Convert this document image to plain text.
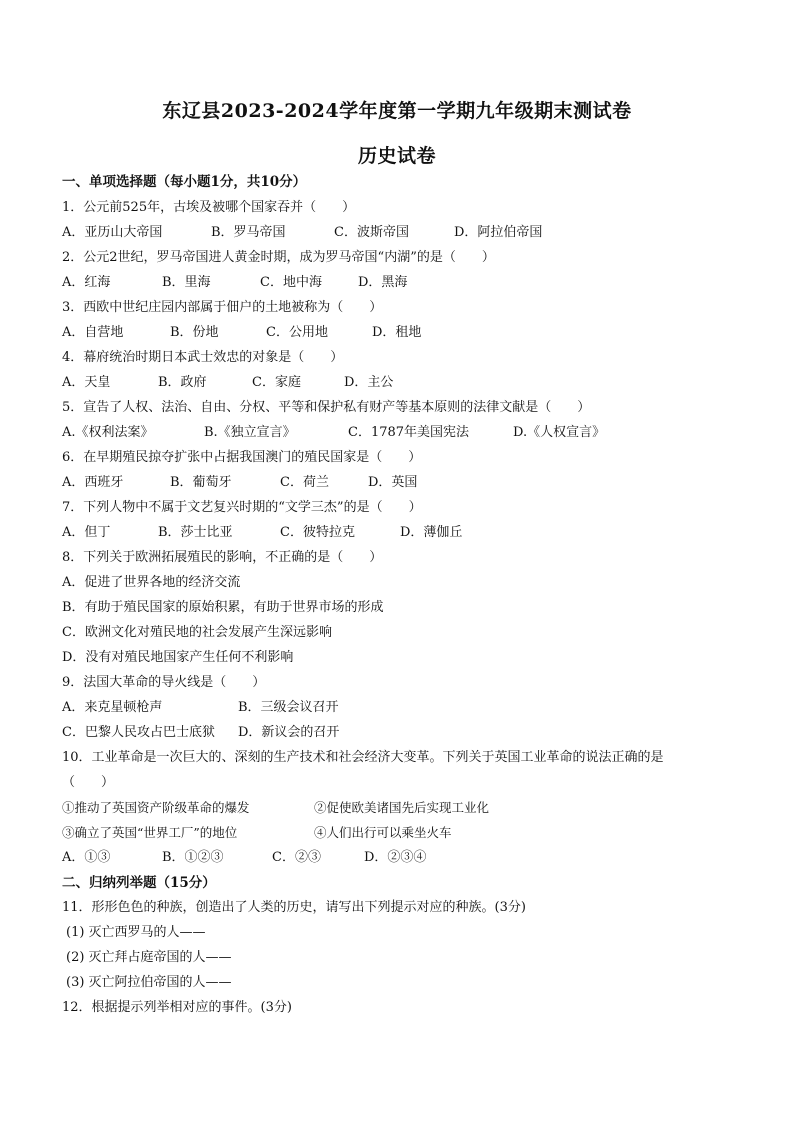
东辽县2023-2024学年度第一学期九年级期末测试卷
历史试卷
一、单项选择题（每小题1分，共10分）
1．公元前525年，古埃及被哪个国家吞并（　　）
A．亚历山大帝国	B．罗马帝国	C．波斯帝国	D．阿拉伯帝国
2．公元2世纪，罗马帝国进人黄金时期，成为罗马帝国“内湖”的是（　　）
A．红海	B．里海	C．地中海	D．黑海
3．西欧中世纪庄园内部属于佃户的土地被称为（　　）
A．自营地	B．份地	C．公用地	D．租地
4．幕府统治时期日本武士效忠的对象是（　　）
A．天皇	B．政府	C．家庭	D．主公
5．宣告了人权、法治、自由、分权、平等和保护私有财产等基本原则的法律文献是（　　）
A.《权利法案》	B.《独立宣言》	C．1787年美国宪法	D.《人权宣言》
6．在早期殖民掠夺扩张中占据我国澳门的殖民国家是（　　）
A．西班牙	B．葡萄牙	C．荷兰	D．英国
7．下列人物中不属于文艺复兴时期的“文学三杰”的是（　　）
A．但丁	B．莎士比亚	C．彼特拉克	D．薄伽丘
8．下列关于欧洲拓展殖民的影响，不正确的是（　　）
A．促进了世界各地的经济交流
B．有助于殖民国家的原始积累，有助于世界市场的形成
C．欧洲文化对殖民地的社会发展产生深远影响
D．没有对殖民地国家产生任何不利影响
9．法国大革命的导火线是（　　）
A．来克星顿枪声	B．三级会议召开
C．巴黎人民攻占巴士底狱 D．新议会的召开
10．工业革命是一次巨大的、深刻的生产技术和社会经济大变革。下列关于英国工业革命的说法正确的是
（　　）
①推动了英国资产阶级革命的爆发	②促使欧美诸国先后实现工业化
③确立了英国“世界工厂”的地位	④人们出行可以乘坐火车
A．①③	B．①②③	C．②③	D．②③④
二、归纳列举题（15分）
11．形形色色的种族，创造出了人类的历史，请写出下列提示对应的种族。(3分)
(1) 灭亡西罗马的人——
(2) 灭亡拜占庭帝国的人——
(3) 灭亡阿拉伯帝国的人——
12．根据提示列举相对应的事件。(3分)
